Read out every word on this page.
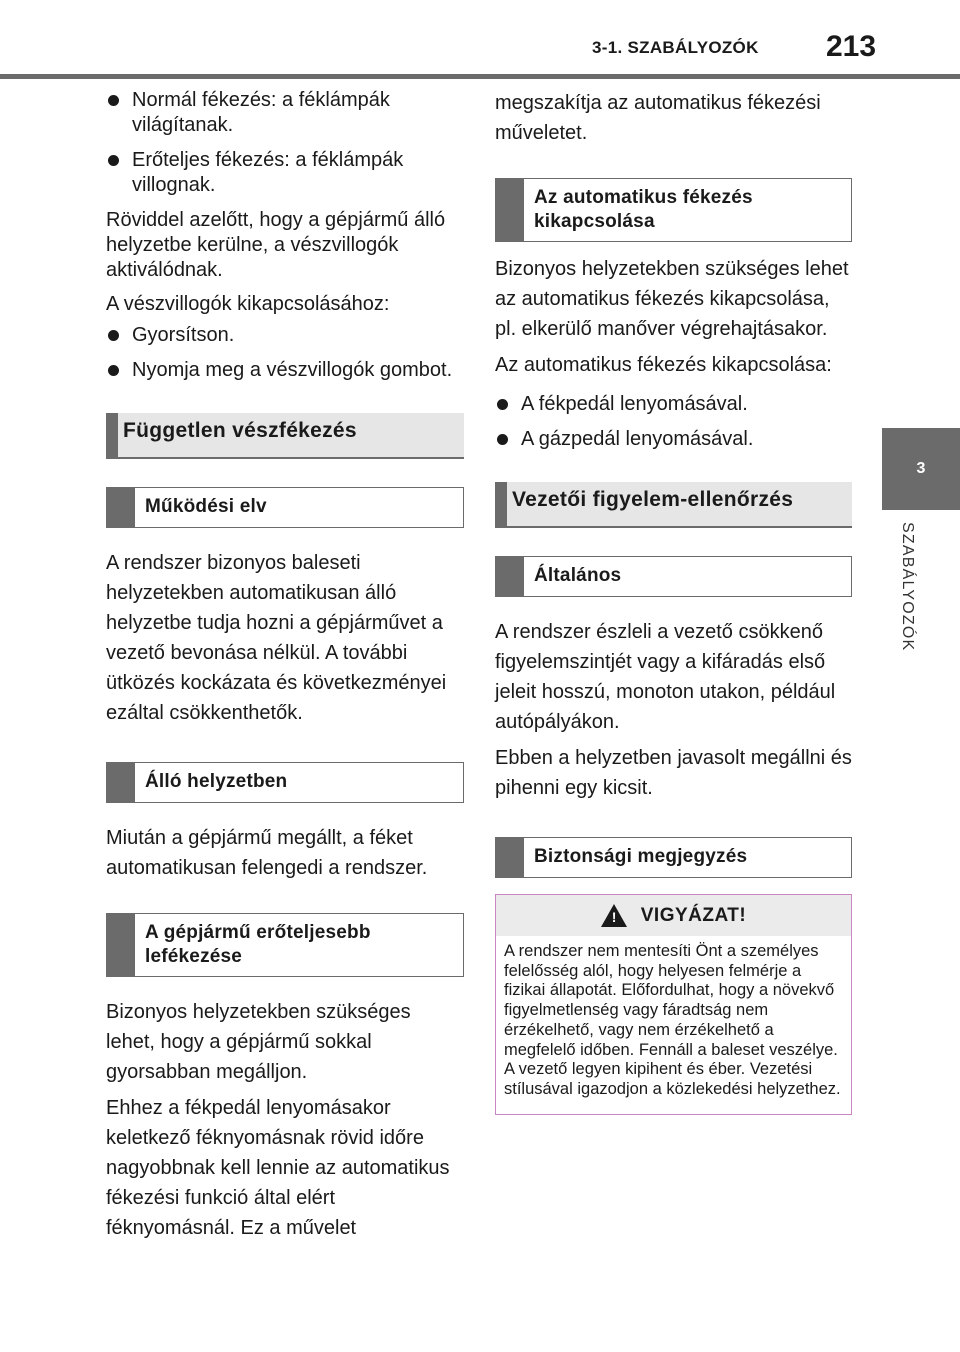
3-1. SZABÁLYOZÓK 213
3
SZABÁLYOZÓK

Normál fékezés: a féklámpák világítanak.

Erőteljes fékezés: a féklámpák villognak.

Röviddel azelőtt, hogy a gépjármű álló helyzetbe kerülne, a vészvillogók aktiválódnak.

A vészvillogók kikapcsolásához:

Gyorsítson.

Nyomja meg a vészvillogók gombot.

Független vészfékezés
Működési elv

A rendszer bizonyos baleseti helyzetekben automatikusan álló helyzetbe tudja hozni a gépjárművet a vezető bevonása nélkül. A további ütközés kockázata és következményei ezáltal csökkenthetők.

Álló helyzetben

Miután a gépjármű megállt, a féket automatikusan felengedi a rendszer.

A gépjármű erőteljesebb lefékezése

Bizonyos helyzetekben szükséges lehet, hogy a gépjármű sokkal gyorsabban megálljon.

Ehhez a fékpedál lenyomásakor keletkező féknyomásnak rövid időre nagyobbnak kell lennie az automatikus fékezési funkció által elért féknyomásnál. Ez a művelet

megszakítja az automatikus fékezési műveletet.

Az automatikus fékezés kikapcsolása

Bizonyos helyzetekben szükséges lehet az automatikus fékezés kikapcsolása, pl. elkerülő manőver végrehajtásakor.

Az automatikus fékezés kikapcsolása:

A fékpedál lenyomásával.

A gázpedál lenyomásával.

Vezetői figyelem-ellenőrzés
Általános

A rendszer észleli a vezető csökkenő figyelemszintjét vagy a kifáradás első jeleit hosszú, monoton utakon, például autópályákon.

Ebben a helyzetben javasolt megállni és pihenni egy kicsit.

Biztonsági megjegyzés
! VIGYÁZAT!
A rendszer nem mentesíti Önt a személyes felelősség alól, hogy helyesen felmérje a fizikai állapotát. Előfordulhat, hogy a növekvő figyelmetlenség vagy fáradtság nem érzékelhető, vagy nem érzékelhető a megfelelő időben. Fennáll a baleset veszélye. A vezető legyen kipihent és éber. Vezetési stílusával igazodjon a közlekedési helyzethez.
